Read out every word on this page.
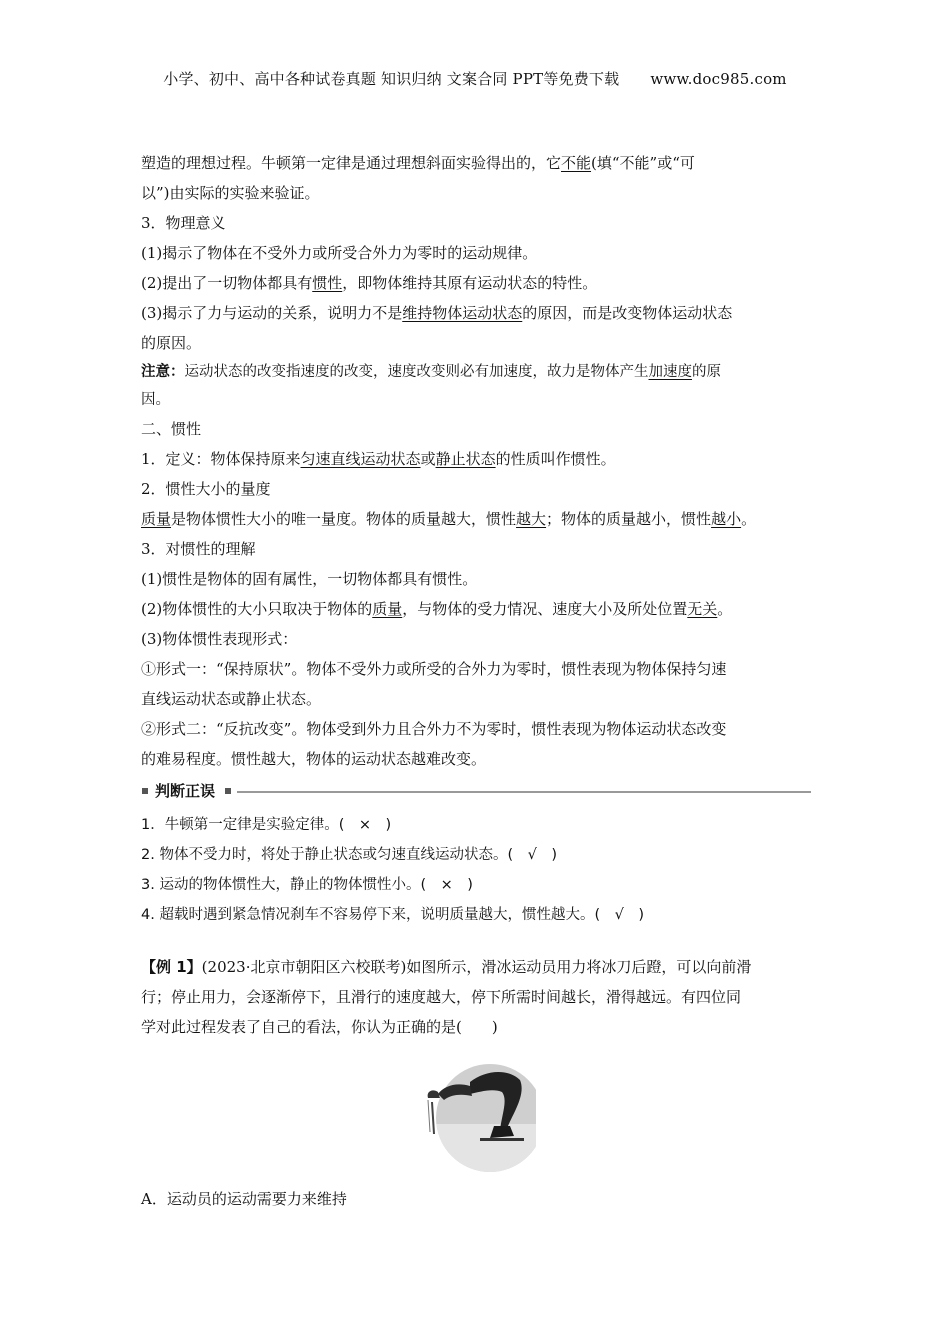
小学、初中、高中各种试卷真题 知识归纳 文案合同 PPT等免费下载 www.doc985.com

塑造的理想过程。牛顿第一定律是通过理想斜面实验得出的，它不能(填“不能”或“可

以”)由实际的实验来验证。

3．物理意义

(1)揭示了物体在不受外力或所受合外力为零时的运动规律。

(2)提出了一切物体都具有惯性，即物体维持其原有运动状态的特性。

(3)揭示了力与运动的关系，说明力不是维持物体运动状态的原因，而是改变物体运动状态

的原因。

注意：运动状态的改变指速度的改变，速度改变则必有加速度，故力是物体产生加速度的原

因。

二、惯性

1．定义：物体保持原来匀速直线运动状态或静止状态的性质叫作惯性。

2．惯性大小的量度

质量是物体惯性大小的唯一量度。物体的质量越大，惯性越大；物体的质量越小，惯性越小。

3．对惯性的理解

(1)惯性是物体的固有属性，一切物体都具有惯性。

(2)物体惯性的大小只取决于物体的质量，与物体的受力情况、速度大小及所处位置无关。

(3)物体惯性表现形式：

①形式一：“保持原状”。物体不受外力或所受的合外力为零时，惯性表现为物体保持匀速

直线运动状态或静止状态。

②形式二：“反抗改变”。物体受到外力且合外力不为零时，惯性表现为物体运动状态改变

的难易程度。惯性越大，物体的运动状态越难改变。

判断正误

1．牛顿第一定律是实验定律。(　×　)

2. 物体不受力时，将处于静止状态或匀速直线运动状态。(　√　)

3. 运动的物体惯性大，静止的物体惯性小。(　×　)

4. 超载时遇到紧急情况刹车不容易停下来，说明质量越大，惯性越大。(　√　)

【例 1】(2023·北京市朝阳区六校联考)如图所示，滑冰运动员用力将冰刀后蹬，可以向前滑

行；停止用力，会逐渐停下，且滑行的速度越大，停下所需时间越长，滑得越远。有四位同

学对此过程发表了自己的看法，你认为正确的是(　　)

A．运动员的运动需要力来维持
